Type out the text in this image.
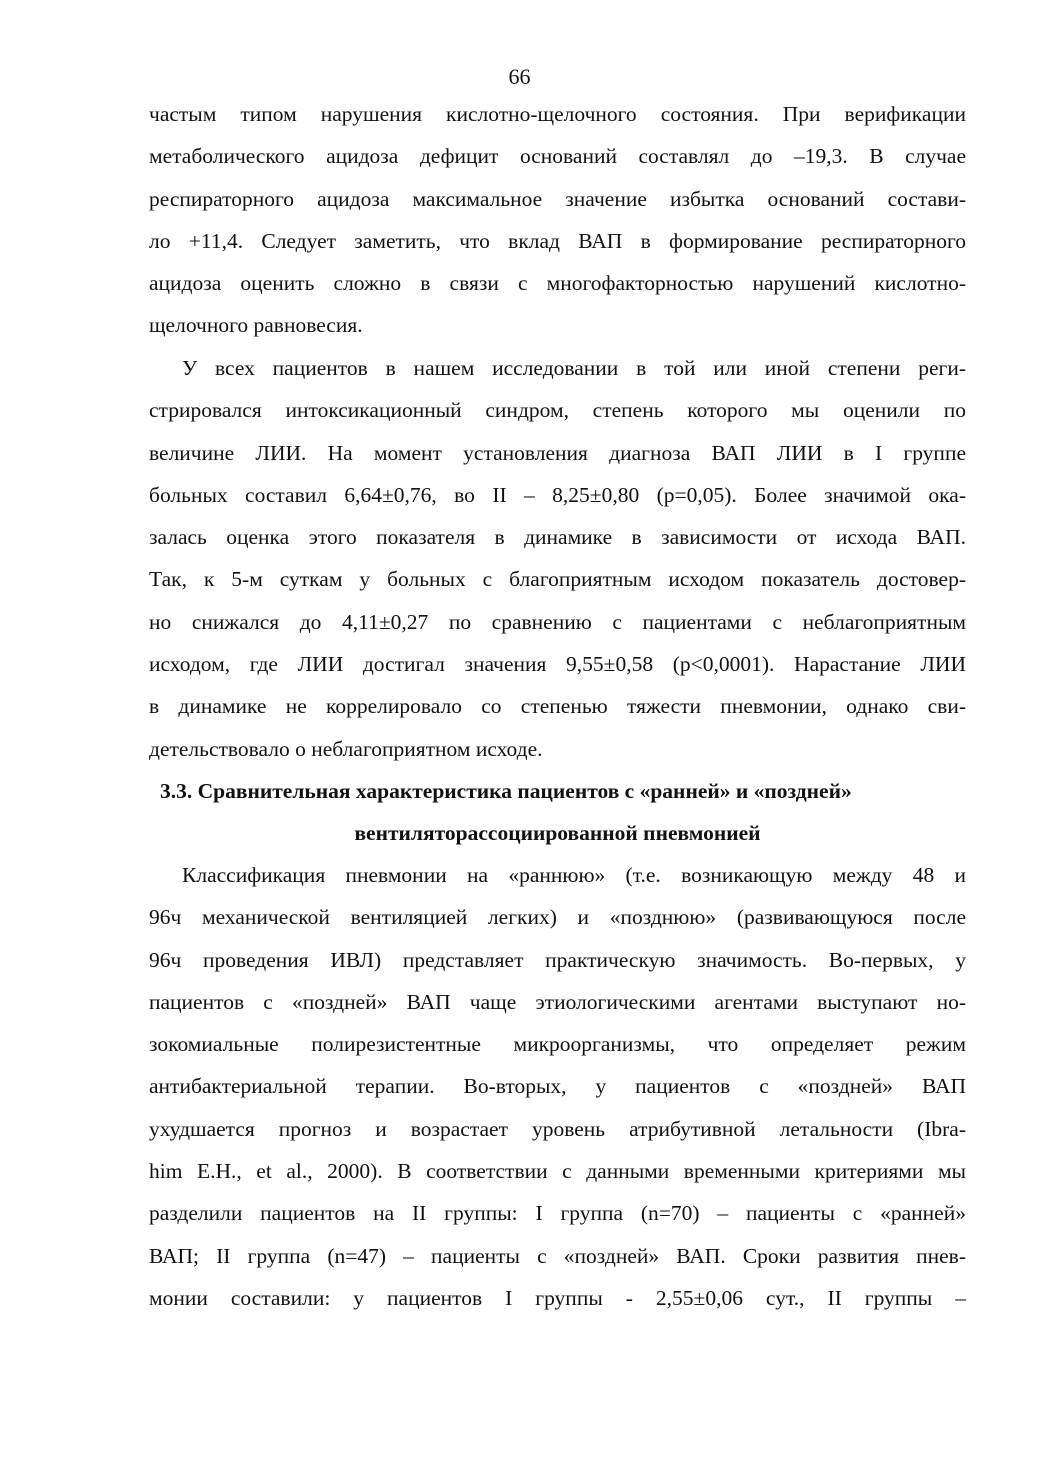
66
частым типом нарушения кислотно-щелочного состояния. При верификации
метаболического ацидоза дефицит оснований составлял до –19,3. В случае
респираторного ацидоза максимальное значение избытка оснований состави-
ло +11,4. Следует заметить, что вклад ВАП в формирование респираторного
ацидоза оценить сложно в связи с многофакторностью нарушений кислотно-
щелочного равновесия.
У всех пациентов в нашем исследовании в той или иной степени реги-
стрировался интоксикационный синдром, степень которого мы оценили по
величине ЛИИ. На момент установления диагноза ВАП ЛИИ в I группе
больных составил 6,64±0,76, во II – 8,25±0,80 (p=0,05). Более значимой ока-
залась оценка этого показателя в динамике в зависимости от исхода ВАП.
Так, к 5-м суткам у больных с благоприятным исходом показатель достовер-
но снижался до 4,11±0,27 по сравнению с пациентами с неблагоприятным
исходом, где ЛИИ достигал значения 9,55±0,58 (p<0,0001). Нарастание ЛИИ
в динамике не коррелировало со степенью тяжести пневмонии, однако сви-
детельствовало о неблагоприятном исходе.
3.3. Сравнительная характеристика пациентов с «ранней» и «поздней»
вентиляторассоциированной пневмонией
Классификация пневмонии на «раннюю» (т.е. возникающую между 48 и
96ч механической вентиляцией легких) и «позднюю» (развивающуюся после
96ч проведения ИВЛ) представляет практическую значимость. Во-первых, у
пациентов с «поздней» ВАП чаще этиологическими агентами выступают но-
зокомиальные полирезистентные микроорганизмы, что определяет режим
антибактериальной терапии. Во-вторых, у пациентов с «поздней» ВАП
ухудшается прогноз и возрастает уровень атрибутивной летальности (Ibra-
him E.H., et al., 2000). В соответствии с данными временными критериями мы
разделили пациентов на II группы: I группа (n=70) – пациенты с «ранней»
ВАП; II группа (n=47) – пациенты с «поздней» ВАП. Сроки развития пнев-
монии составили: у пациентов I группы - 2,55±0,06 сут., II группы –
